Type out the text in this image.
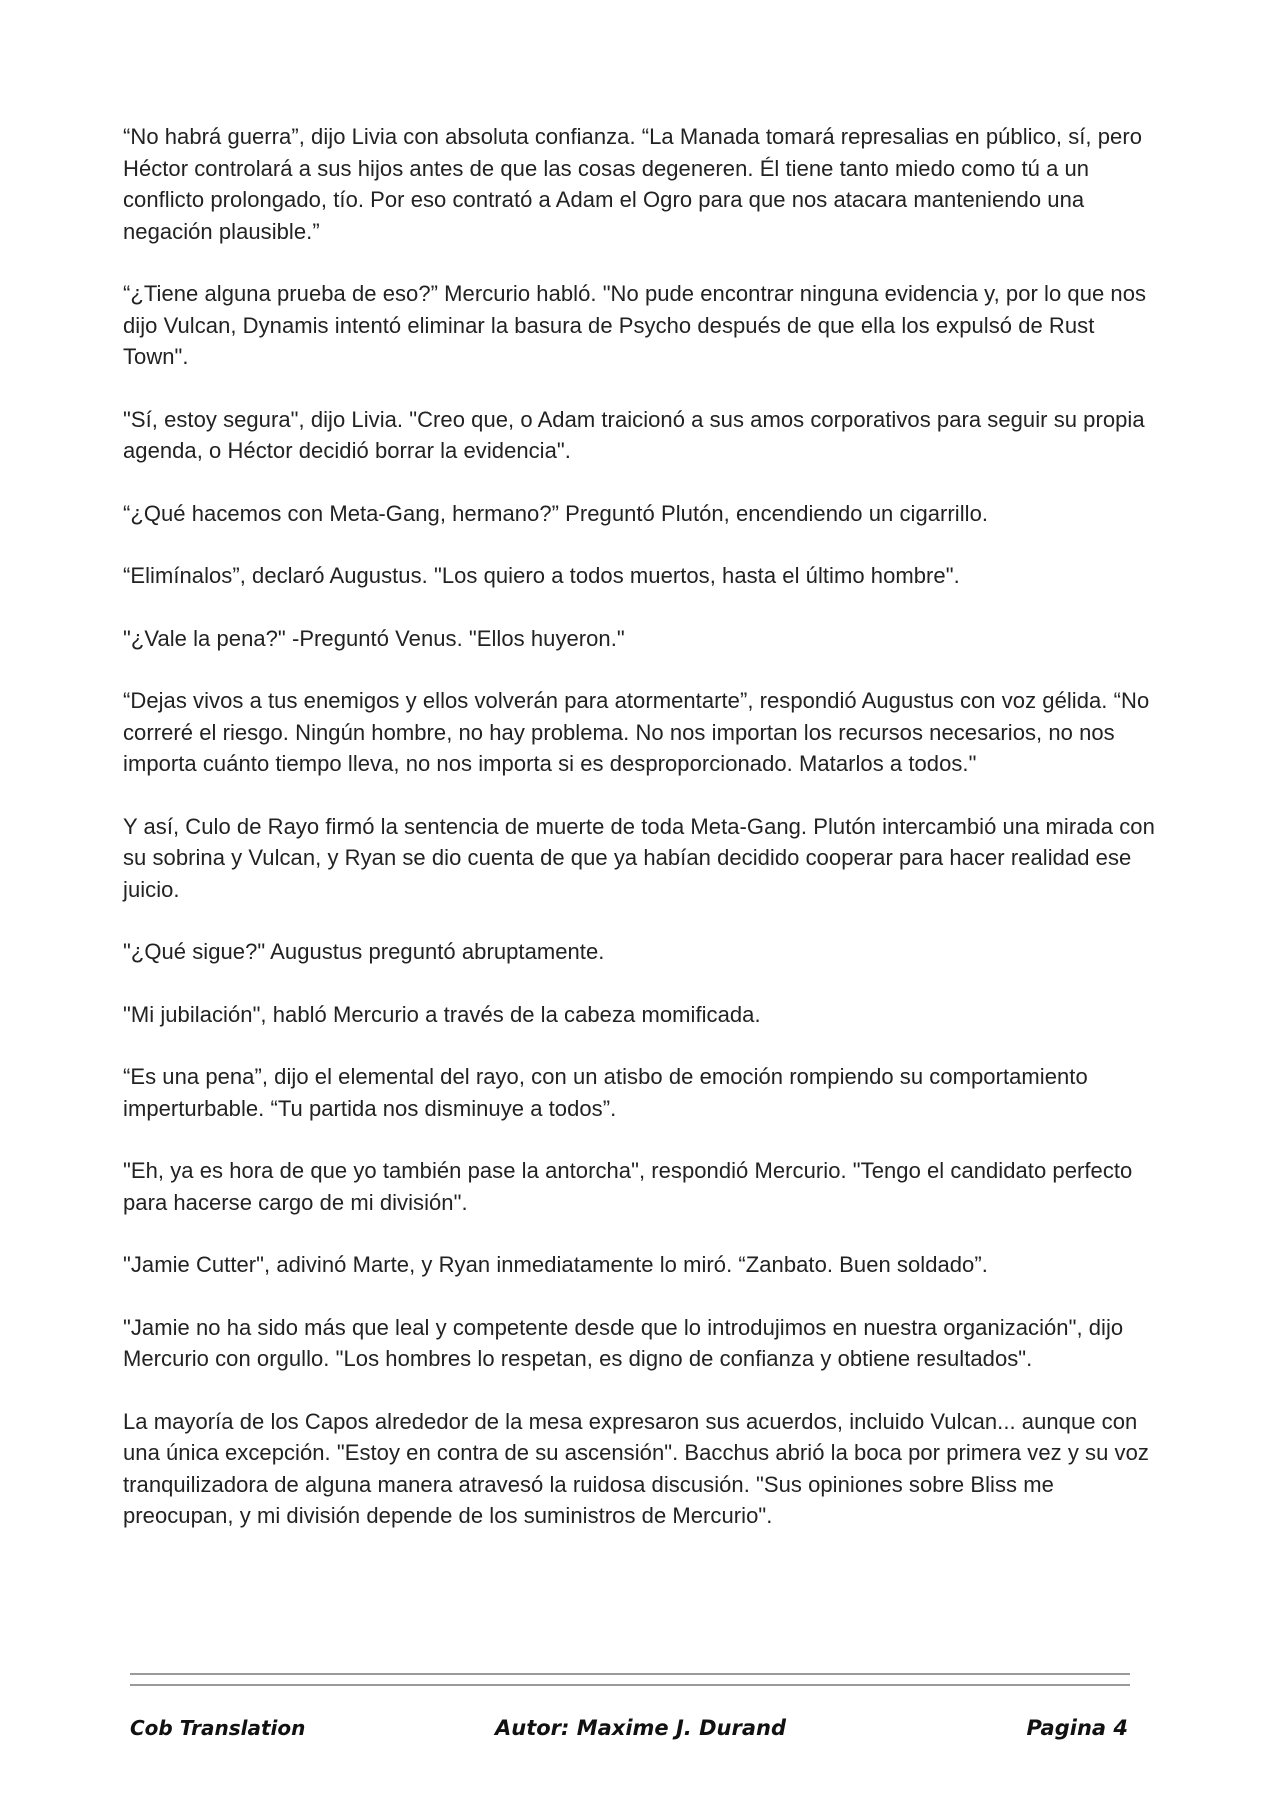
“No habrá guerra”, dijo Livia con absoluta confianza. “La Manada tomará represalias en público, sí, pero Héctor controlará a sus hijos antes de que las cosas degeneren. Él tiene tanto miedo como tú a un conflicto prolongado, tío. Por eso contrató a Adam el Ogro para que nos atacara manteniendo una negación plausible.”

“¿Tiene alguna prueba de eso?” Mercurio habló. "No pude encontrar ninguna evidencia y, por lo que nos dijo Vulcan, Dynamis intentó eliminar la basura de Psycho después de que ella los expulsó de Rust Town".

"Sí, estoy segura", dijo Livia. "Creo que, o Adam traicionó a sus amos corporativos para seguir su propia agenda, o Héctor decidió borrar la evidencia".

“¿Qué hacemos con Meta-Gang, hermano?” Preguntó Plutón, encendiendo un cigarrillo.

“Elimínalos”, declaró Augustus. "Los quiero a todos muertos, hasta el último hombre".

"¿Vale la pena?" -Preguntó Venus. "Ellos huyeron."

“Dejas vivos a tus enemigos y ellos volverán para atormentarte”, respondió Augustus con voz gélida. “No correré el riesgo. Ningún hombre, no hay problema. No nos importan los recursos necesarios, no nos importa cuánto tiempo lleva, no nos importa si es desproporcionado. Matarlos a todos."

Y así, Culo de Rayo firmó la sentencia de muerte de toda Meta-Gang. Plutón intercambió una mirada con su sobrina y Vulcan, y Ryan se dio cuenta de que ya habían decidido cooperar para hacer realidad ese juicio.

"¿Qué sigue?" Augustus preguntó abruptamente.

"Mi jubilación", habló Mercurio a través de la cabeza momificada.

“Es una pena”, dijo el elemental del rayo, con un atisbo de emoción rompiendo su comportamiento imperturbable. “Tu partida nos disminuye a todos”.

"Eh, ya es hora de que yo también pase la antorcha", respondió Mercurio. "Tengo el candidato perfecto para hacerse cargo de mi división".

"Jamie Cutter", adivinó Marte, y Ryan inmediatamente lo miró. “Zanbato. Buen soldado”.

"Jamie no ha sido más que leal y competente desde que lo introdujimos en nuestra organización", dijo Mercurio con orgullo. "Los hombres lo respetan, es digno de confianza y obtiene resultados".

La mayoría de los Capos alrededor de la mesa expresaron sus acuerdos, incluido Vulcan... aunque con una única excepción. "Estoy en contra de su ascensión". Bacchus abrió la boca por primera vez y su voz tranquilizadora de alguna manera atravesó la ruidosa discusión. "Sus opiniones sobre Bliss me preocupan, y mi división depende de los suministros de Mercurio".

Cob Translation	Autor: Maxime J. Durand	Pagina 4
